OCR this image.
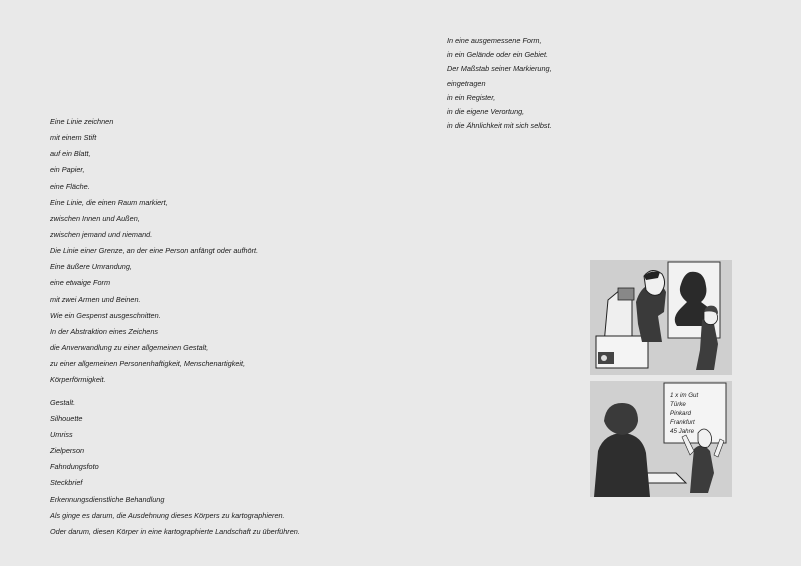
In eine ausgemessene Form,
in ein Gelände oder ein Gebiet.
Der Maßstab seiner Markierung,
eingetragen
in ein Register,
in die eigene Verortung,
in die Ähnlichkeit mit sich selbst.
Eine Linie zeichnen
mit einem Stift
auf ein Blatt,
ein Papier,
eine Fläche.
Eine Linie, die einen Raum markiert,
zwischen Innen und Außen,
zwischen jemand und niemand.
Die Linie einer Grenze, an der eine Person anfängt oder aufhört.
Eine äußere Umrandung,
eine etwaige Form
mit zwei Armen und Beinen.
Wie ein Gespenst ausgeschnitten.
In der Abstraktion eines Zeichens
die Anverwandlung zu einer allgemeinen Gestalt,
zu einer allgemeinen Personenhaftigkeit, Menschenartigkeit,
Körperförmigkeit.
Gestalt.
Silhouette
Umriss
Zielperson
Fahndungsfoto
Steckbrief
Erkennungsdienstliche Behandlung
Als ginge es darum, die Ausdehnung dieses Körpers zu kartographieren.
Oder darum, diesen Körper in eine kartographierte Landschaft zu überführen.
1 x im Gut
Türke
Pinkard
Frankfurt
45 Jahre
